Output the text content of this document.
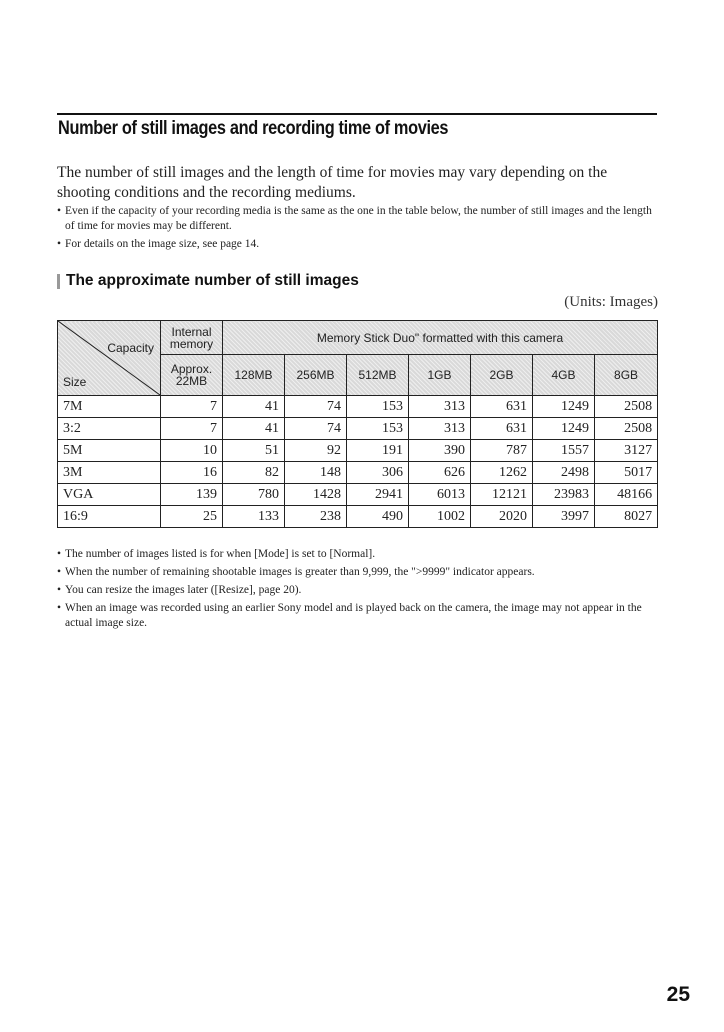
Number of still images and recording time of movies

The number of still images and the length of time for movies may vary depending on the shooting conditions and the recording mediums.

• Even if the capacity of your recording media is the same as the one in the table below, the number of still images and the length of time for movies may be different.
• For details on the image size, see page 14.
The approximate number of still images
(Units: Images)
Capacity
Size	Internal memory	Memory Stick Duo" formatted with this camera						
	Approx. 22MB	128MB	256MB	512MB	1GB	2GB	4GB	8GB
7M	7	41	74	153	313	631	1249	2508
3:2	7	41	74	153	313	631	1249	2508
5M	10	51	92	191	390	787	1557	3127
3M	16	82	148	306	626	1262	2498	5017
VGA	139	780	1428	2941	6013	12121	23983	48166
16:9	25	133	238	490	1002	2020	3997	8027
• The number of images listed is for when [Mode] is set to [Normal].
• When the number of remaining shootable images is greater than 9,999, the ">9999" indicator appears.
• You can resize the images later ([Resize], page 20).
• When an image was recorded using an earlier Sony model and is played back on the camera, the image may not appear in the actual image size.
25
